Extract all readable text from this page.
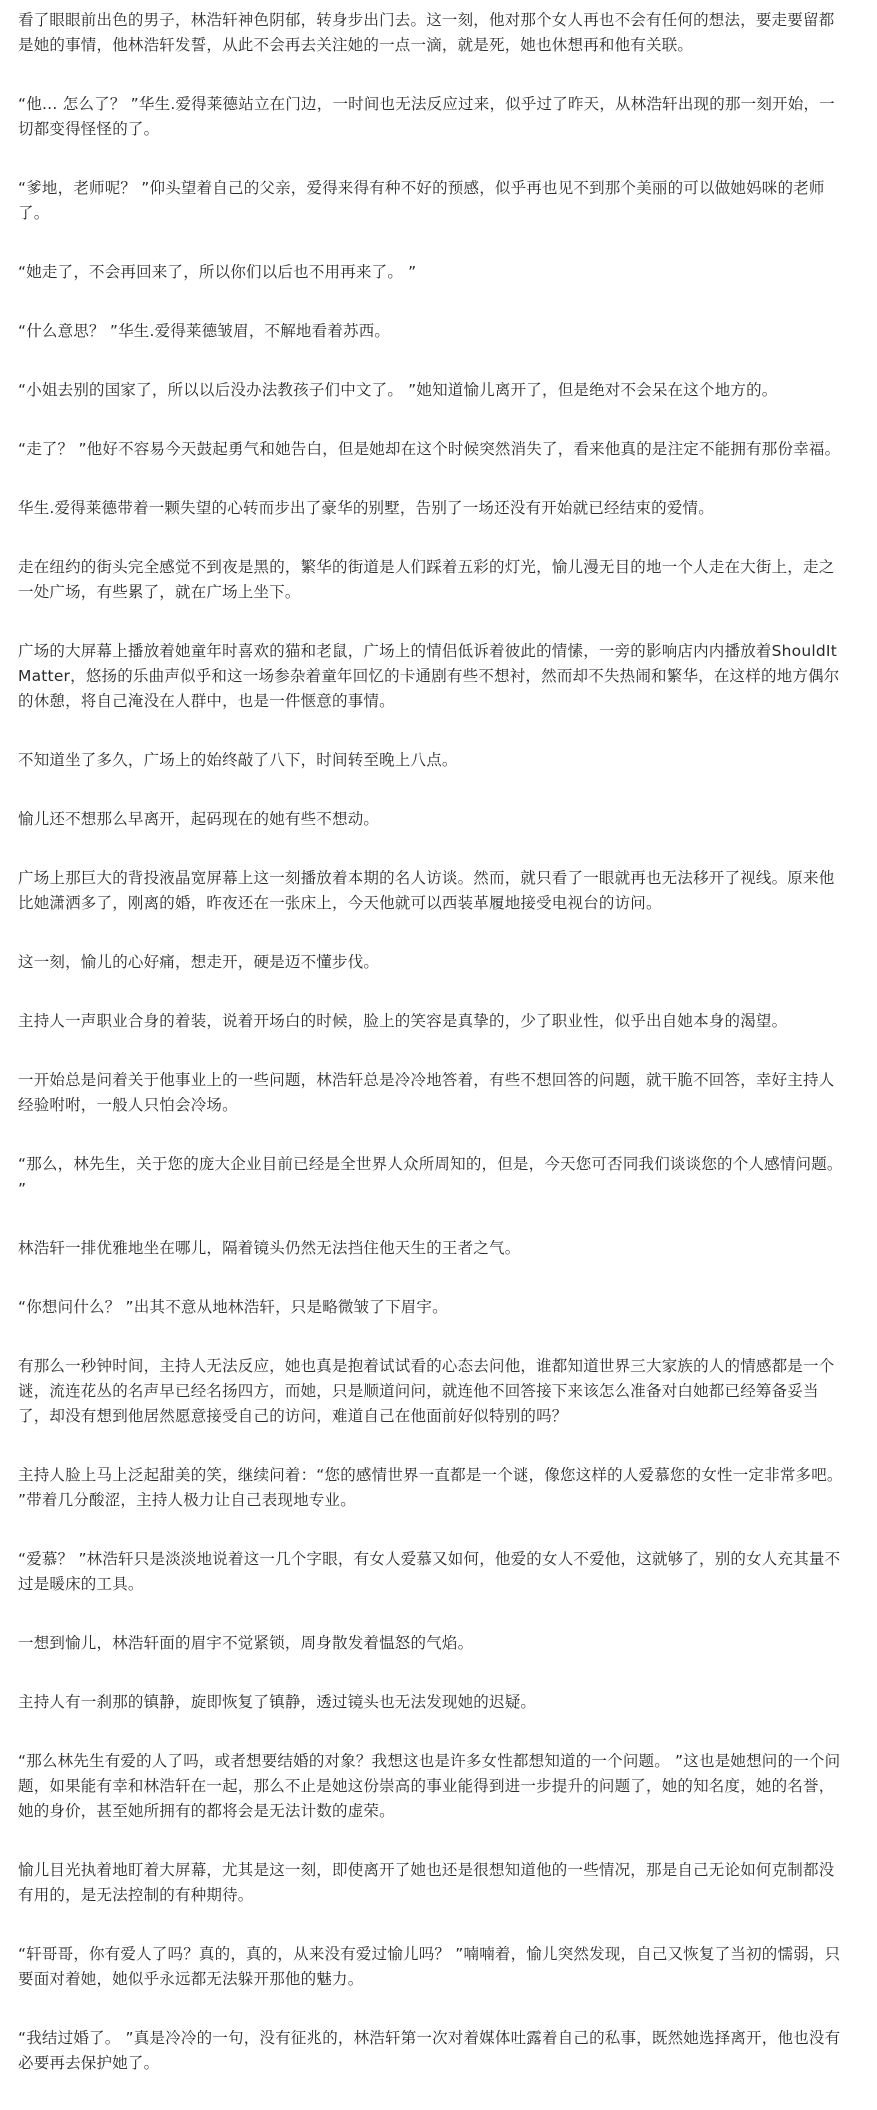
看了眼眼前出色的男子，林浩轩神色阴郁，转身步出门去。这一刻，他对那个女人再也不会有任何的想法，要走要留都是她的事情，他林浩轩发誓，从此不会再去关注她的一点一滴，就是死，她也休想再和他有关联。

“他… 怎么了？ ”华生.爱得莱德站立在门边，一时间也无法反应过来，似乎过了昨天，从林浩轩出现的那一刻开始，一切都变得怪怪的了。

“爹地，老师呢？ ”仰头望着自己的父亲，爱得来得有种不好的预感，似乎再也见不到那个美丽的可以做她妈咪的老师了。

“她走了，不会再回来了，所以你们以后也不用再来了。 ”

“什么意思？ ”华生.爱得莱德皱眉，不解地看着苏西。

“小姐去别的国家了，所以以后没办法教孩子们中文了。 ”她知道愉儿离开了，但是绝对不会呆在这个地方的。

“走了？ ”他好不容易今天鼓起勇气和她告白，但是她却在这个时候突然消失了，看来他真的是注定不能拥有那份幸福。

华生.爱得莱德带着一颗失望的心转而步出了豪华的别墅，告别了一场还没有开始就已经结束的爱情。

走在纽约的街头完全感觉不到夜是黑的，繁华的街道是人们踩着五彩的灯光，愉儿漫无目的地一个人走在大街上，走之一处广场，有些累了，就在广场上坐下。

广场的大屏幕上播放着她童年时喜欢的猫和老鼠，广场上的情侣低诉着彼此的情愫，一旁的影响店内内播放着ShouldItMatter，悠扬的乐曲声似乎和这一场参杂着童年回忆的卡通剧有些不想衬，然而却不失热闹和繁华，在这样的地方偶尔的休憩，将自己淹没在人群中，也是一件惬意的事情。

不知道坐了多久，广场上的始终敲了八下，时间转至晚上八点。

愉儿还不想那么早离开，起码现在的她有些不想动。

广场上那巨大的背投液晶宽屏幕上这一刻播放着本期的名人访谈。然而，就只看了一眼就再也无法移开了视线。原来他比她潇洒多了，刚离的婚，昨夜还在一张床上，今天他就可以西装革履地接受电视台的访问。

这一刻，愉儿的心好痛，想走开，硬是迈不懂步伐。

主持人一声职业合身的着装，说着开场白的时候，脸上的笑容是真挚的，少了职业性，似乎出自她本身的渴望。

一开始总是问着关于他事业上的一些问题，林浩轩总是冷冷地答着，有些不想回答的问题，就干脆不回答，幸好主持人经验咐咐，一般人只怕会冷场。

“那么，林先生，关于您的庞大企业目前已经是全世界人众所周知的，但是，今天您可否同我们谈谈您的个人感情问题。 ”

林浩轩一排优雅地坐在哪儿，隔着镜头仍然无法挡住他天生的王者之气。

“你想问什么？ ”出其不意从地林浩轩，只是略微皱了下眉宇。

有那么一秒钟时间，主持人无法反应，她也真是抱着试试看的心态去问他，谁都知道世界三大家族的人的情感都是一个谜，流连花丛的名声早已经名扬四方，而她，只是顺道问问，就连他不回答接下来该怎么准备对白她都已经筹备妥当了，却没有想到他居然愿意接受自己的访问，难道自己在他面前好似特别的吗？

主持人脸上马上泛起甜美的笑，继续问着：“您的感情世界一直都是一个谜，像您这样的人爱慕您的女性一定非常多吧。 ”带着几分酸涩，主持人极力让自己表现地专业。

“爱慕？ ”林浩轩只是淡淡地说着这一几个字眼，有女人爱慕又如何，他爱的女人不爱他，这就够了，别的女人充其量不过是暖床的工具。

一想到愉儿，林浩轩面的眉宇不觉紧锁，周身散发着愠怒的气焰。

主持人有一刹那的镇静，旋即恢复了镇静，透过镜头也无法发现她的迟疑。

“那么林先生有爱的人了吗，或者想要结婚的对象？我想这也是许多女性都想知道的一个问题。 ”这也是她想问的一个问题，如果能有幸和林浩轩在一起，那么不止是她这份崇高的事业能得到进一步提升的问题了，她的知名度，她的名誉，她的身价，甚至她所拥有的都将会是无法计数的虚荣。

愉儿目光执着地盯着大屏幕，尤其是这一刻，即使离开了她也还是很想知道他的一些情况，那是自己无论如何克制都没有用的，是无法控制的有种期待。

“轩哥哥，你有爱人了吗？真的，真的，从来没有爱过愉儿吗？ ”喃喃着，愉儿突然发现，自己又恢复了当初的懦弱，只要面对着她，她似乎永远都无法躲开那他的魅力。

“我结过婚了。 ”真是冷冷的一句，没有征兆的，林浩轩第一次对着媒体吐露着自己的私事，既然她选择离开，他也没有必要再去保护她了。
